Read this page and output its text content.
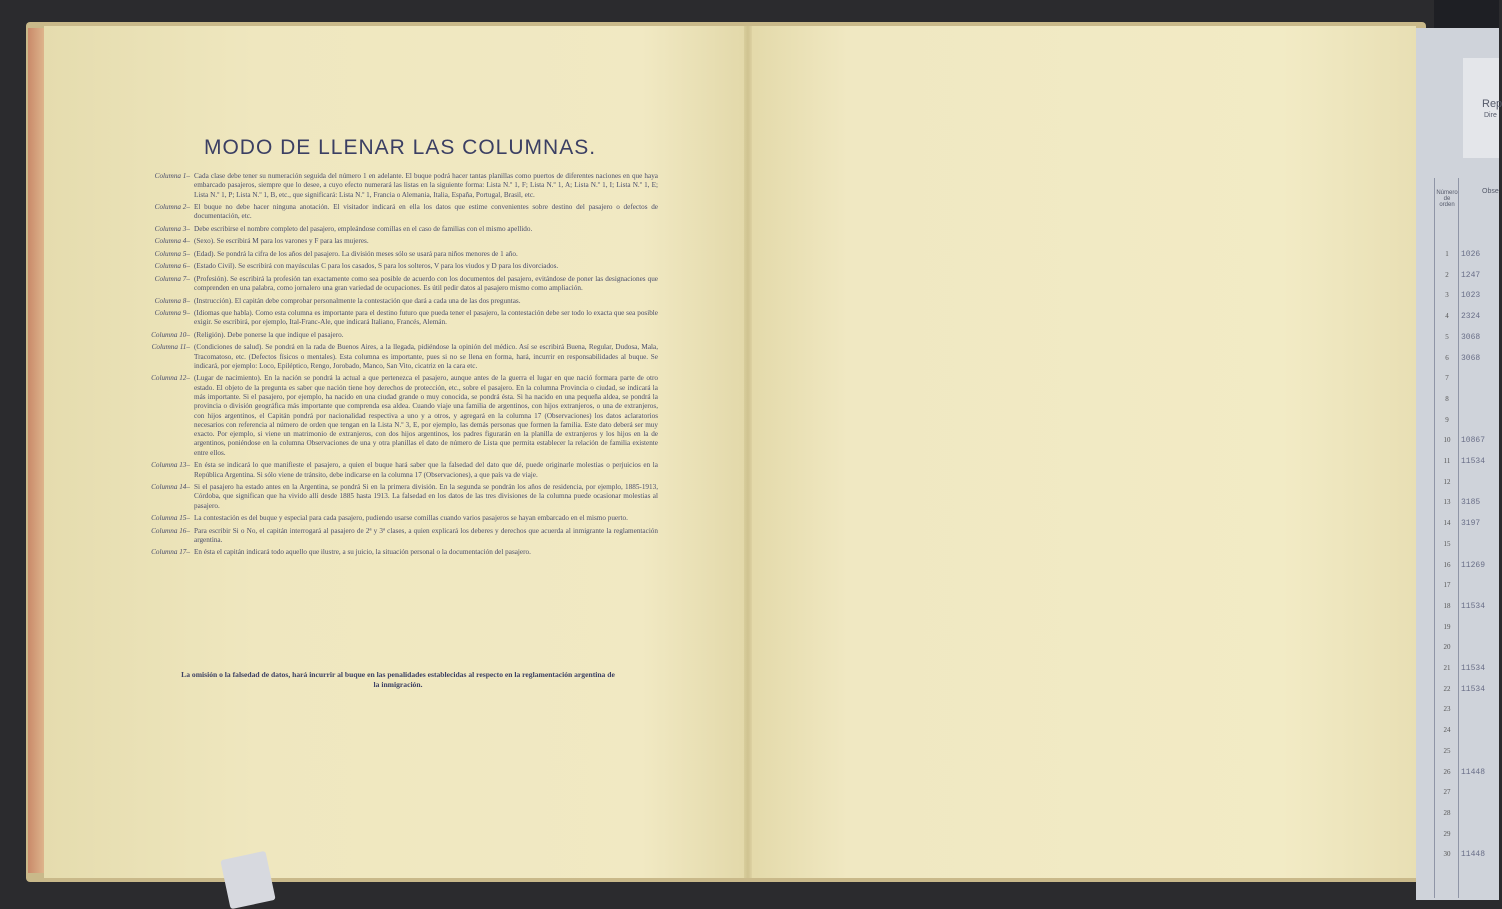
MODO DE LLENAR LAS COLUMNAS.
Columna 1– Cada clase debe tener su numeración seguida del número 1 en adelante. El buque podrá hacer tantas planillas como puertos de diferentes naciones en que haya embarcado pasajeros, siempre que lo desee, a cuyo efecto numerará las listas en la siguiente forma: Lista N.º 1, F; Lista N.º 1, A; Lista N.º 1, I; Lista N.º 1, E; Lista N.º 1, P; Lista N.º 1, B, etc., que significará: Lista N.º 1, Francia o Alemania, Italia, España, Portugal, Brasil, etc.
Columna 2– El buque no debe hacer ninguna anotación. El visitador indicará en ella los datos que estime convenientes sobre destino del pasajero o defectos de documentación, etc.
Columna 3– Debe escribirse el nombre completo del pasajero, empleándose comillas en el caso de familias con el mismo apellido.
Columna 4– (Sexo). Se escribirá M para los varones y F para las mujeres.
Columna 5– (Edad). Se pondrá la cifra de los años del pasajero. La división meses sólo se usará para niños menores de 1 año.
Columna 6– (Estado Civil). Se escribirá con mayúsculas C para los casados, S para los solteros, V para los viudos y D para los divorciados.
Columna 7– (Profesión). Se escribirá la profesión tan exactamente como sea posible de acuerdo con los documentos del pasajero, evitándose de poner las designaciones que comprenden en una palabra, como jornalero una gran variedad de ocupaciones. Es útil pedir datos al pasajero mismo como ampliación.
Columna 8– (Instrucción). El capitán debe comprobar personalmente la contestación que dará a cada una de las dos preguntas.
Columna 9– (Idiomas que habla). Como esta columna es importante para el destino futuro que pueda tener el pasajero, la contestación debe ser todo lo exacta que sea posible exigir. Se escribirá, por ejemplo, Ital-Franc-Ale, que indicará Italiano, Francés, Alemán.
Columna 10– (Religión). Debe ponerse la que indique el pasajero.
Columna 11– (Condiciones de salud). Se pondrá en la rada de Buenos Aires, a la llegada, pidiéndose la opinión del médico. Así se escribirá Buena, Regular, Dudosa, Mala, Tracomatoso, etc. (Defectos físicos o mentales). Esta columna es importante, pues si no se llena en forma, hará, incurrir en responsabilidades al buque. Se indicará, por ejemplo: Loco, Epiléptico, Rengo, Jorobado, Manco, San Vito, cicatriz en la cara etc.
Columna 12– (Lugar de nacimiento). En la nación se pondrá la actual a que pertenezca el pasajero, aunque antes de la guerra el lugar en que nació formara parte de otro estado. El objeto de la pregunta es saber que nación tiene hoy derechos de protección, etc., sobre el pasajero. En la columna Provincia o ciudad, se indicará la más importante. Si el pasajero, por ejemplo, ha nacido en una ciudad grande o muy conocida, se pondrá ésta. Si ha nacido en una pequeña aldea, se pondrá la provincia o división geográfica más importante que comprenda esa aldea. Cuando viaje una familia de argentinos, con hijos extranjeros, o una de extranjeros, con hijos argentinos, el Capitán pondrá por nacionalidad respectiva a uno y a otros, y agregará en la columna 17 (Observaciones) los datos aclaratorios necesarios con referencia al número de orden que tengan en la Lista N.º 3, E, por ejemplo, las demás personas que formen la familia. Este dato deberá ser muy exacto. Por ejemplo, si viene un matrimonio de extranjeros, con dos hijos argentinos, los padres figurarán en la planilla de extranjeros y los hijos en la de argentinos, poniéndose en la columna Observaciones de una y otra planillas el dato de número de Lista que permita establecer la relación de familia existente entre ellos.
Columna 13– En ésta se indicará lo que manifieste el pasajero, a quien el buque hará saber que la falsedad del dato que dé, puede originarle molestias o perjuicios en la República Argentina. Si sólo viene de tránsito, debe indicarse en la columna 17 (Observaciones), a que país va de viaje.
Columna 14– Si el pasajero ha estado antes en la Argentina, se pondrá Si en la primera división. En la segunda se pondrán los años de residencia, por ejemplo, 1885-1913, Córdoba, que significan que ha vivido allí desde 1885 hasta 1913. La falsedad en los datos de las tres divisiones de la columna puede ocasionar molestias al pasajero.
Columna 15– La contestación es del buque y especial para cada pasajero, pudiendo usarse comillas cuando varios pasajeros se hayan embarcado en el mismo puerto.
Columna 16– Para escribir Si o No, el capitán interrogará al pasajero de 2ª y 3ª clases, a quien explicará los deberes y derechos que acuerda al inmigrante la reglamentación argentina.
Columna 17– En ésta el capitán indicará todo aquello que ilustre, a su juicio, la situación personal o la documentación del pasajero.
La omisión o la falsedad de datos, hará incurrir al buque en las penalidades establecidas al respecto en la reglamentación argentina de la inmigración.
Rep
Dire
Número de orden
Obse
1	1026
2	1247
3	1023
4	2324
5	3068
6	3068
7
8
9
10	10867
11	11534
12
13	3185
14	3197
15
16	11269
17
18	11534
19
20
21	11534
22	11534
23
24
25
26	11448
27
28
29
30	11448
